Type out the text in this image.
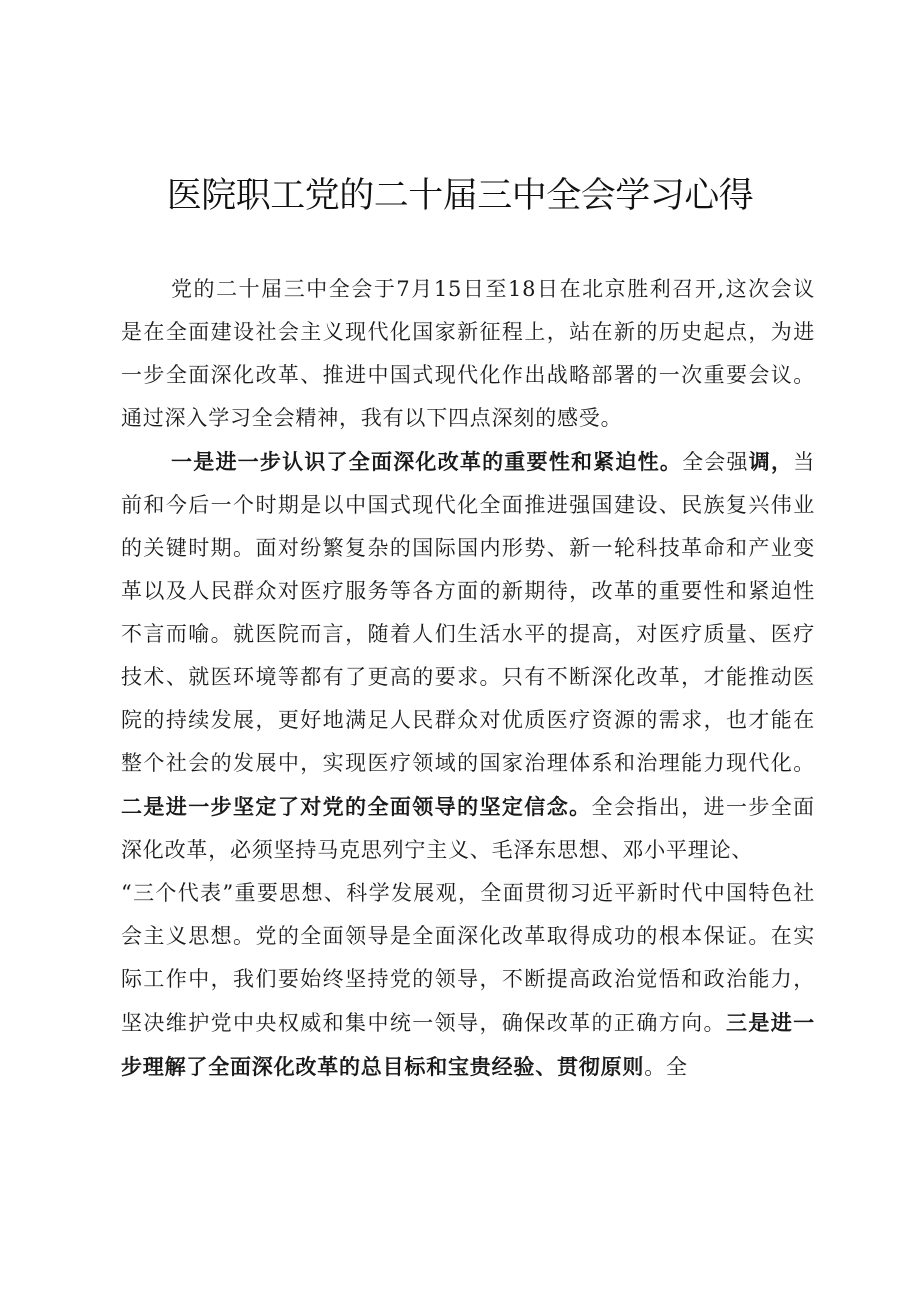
医院职工党的二十届三中全会学习心得

党的二十届三中全会于7月15日至18日在北京胜利召开,这次会议是在全面建设社会主义现代化国家新征程上，站在新的历史起点，为进一步全面深化改革、推进中国式现代化作出战略部署的一次重要会议。通过深入学习全会精神，我有以下四点深刻的感受。

一是进一步认识了全面深化改革的重要性和紧迫性。全会强调，当前和今后一个时期是以中国式现代化全面推进强国建设、民族复兴伟业的关键时期。面对纷繁复杂的国际国内形势、新一轮科技革命和产业变革以及人民群众对医疗服务等各方面的新期待，改革的重要性和紧迫性不言而喻。就医院而言，随着人们生活水平的提高，对医疗质量、医疗技术、就医环境等都有了更高的要求。只有不断深化改革，才能推动医院的持续发展，更好地满足人民群众对优质医疗资源的需求，也才能在整个社会的发展中，实现医疗领域的国家治理体系和治理能力现代化。二是进一步坚定了对党的全面领导的坚定信念。全会指出，进一步全面深化改革，必须坚持马克思列宁主义、毛泽东思想、邓小平理论、

“三个代表”重要思想、科学发展观，全面贯彻习近平新时代中国特色社会主义思想。党的全面领导是全面深化改革取得成功的根本保证。在实际工作中，我们要始终坚持党的领导，不断提高政治觉悟和政治能力，坚决维护党中央权威和集中统一领导，确保改革的正确方向。三是进一步理解了全面深化改革的总目标和宝贵经验、贯彻原则。全
